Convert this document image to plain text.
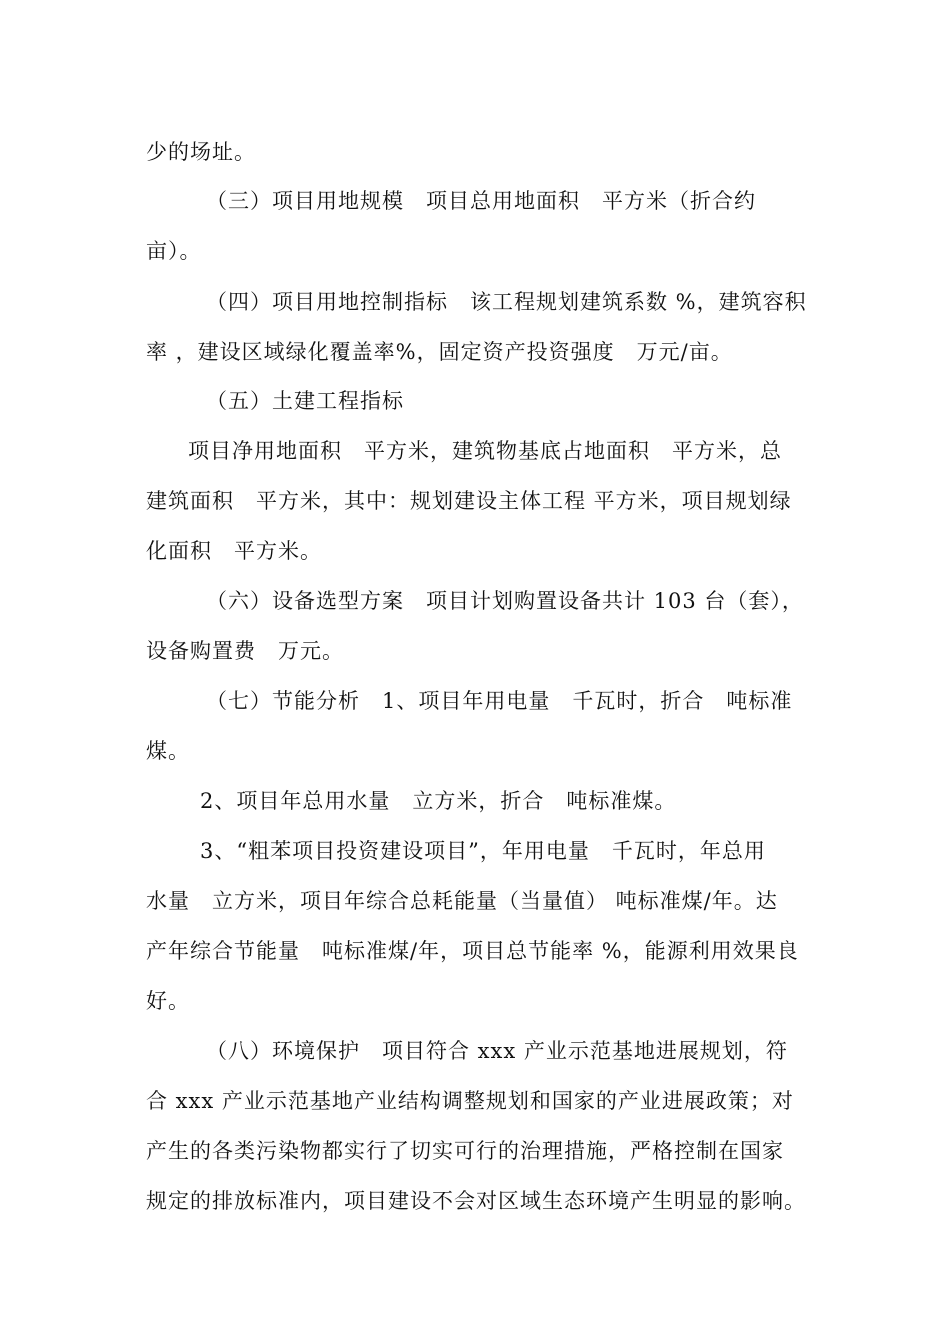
少的场址。
（三）项目用地规模　项目总用地面积　平方米（折合约
亩）。
（四）项目用地控制指标　该工程规划建筑系数 %，建筑容积
率 ，建设区域绿化覆盖率%，固定资产投资强度　万元/亩。
（五）土建工程指标
项目净用地面积　平方米，建筑物基底占地面积　平方米，总
建筑面积　平方米，其中：规划建设主体工程 平方米，项目规划绿
化面积　平方米。
（六）设备选型方案　项目计划购置设备共计 103 台（套），
设备购置费　万元。
（七）节能分析　1、项目年用电量　千瓦时，折合　吨标准
煤。
2、项目年总用水量　立方米，折合　吨标准煤。
3、“粗苯项目投资建设项目”，年用电量　千瓦时，年总用
水量　立方米，项目年综合总耗能量（当量值） 吨标准煤/年。达
产年综合节能量　吨标准煤/年，项目总节能率 %，能源利用效果良
好。
（八）环境保护　项目符合 xxx 产业示范基地进展规划，符
合 xxx 产业示范基地产业结构调整规划和国家的产业进展政策；对
产生的各类污染物都实行了切实可行的治理措施，严格控制在国家
规定的排放标准内，项目建设不会对区域生态环境产生明显的影响。
